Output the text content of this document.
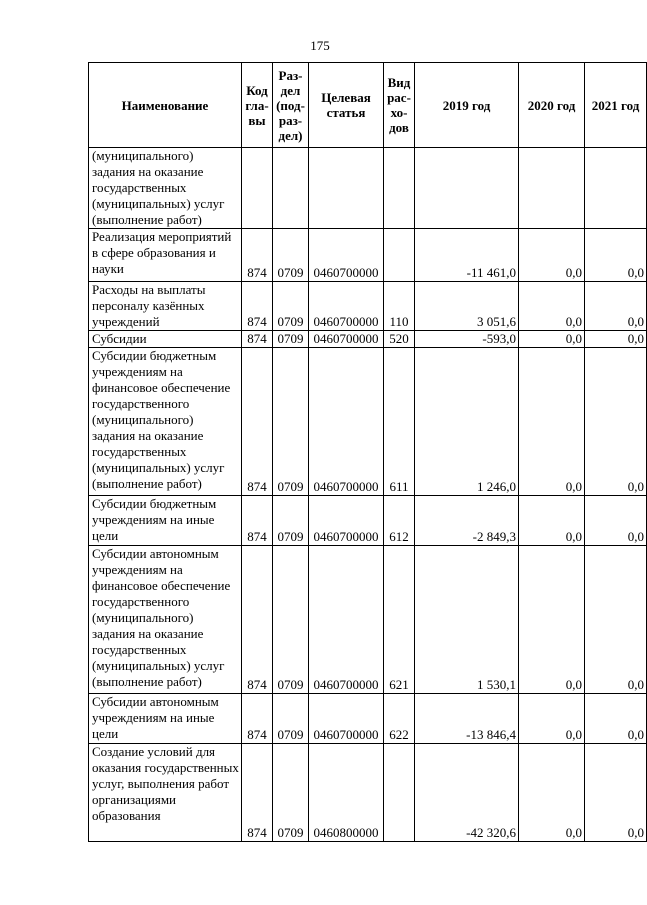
175
Наименование	Код гла-вы	Раз-дел (под-раз-дел)	Целевая статья	Вид рас-хо-дов	2019 год	2020 год	2021 год
(муниципального) задания на оказание государственных (муниципальных) услуг (выполнение работ)							
Реализация мероприятий в сфере образования и науки	874	0709	0460700000		-11 461,0	0,0	0,0
Расходы на выплаты персоналу казённых учреждений	874	0709	0460700000	110	3 051,6	0,0	0,0
Субсидии	874	0709	0460700000	520	-593,0	0,0	0,0
Субсидии бюджетным учреждениям на финансовое обеспечение государственного (муниципального) задания на оказание государственных (муниципальных) услуг (выполнение работ)	874	0709	0460700000	611	1 246,0	0,0	0,0
Субсидии бюджетным учреждениям на иные цели	874	0709	0460700000	612	-2 849,3	0,0	0,0
Субсидии автономным учреждениям на финансовое обеспечение государственного (муниципального) задания на оказание государственных (муниципальных) услуг (выполнение работ)	874	0709	0460700000	621	1 530,1	0,0	0,0
Субсидии автономным учреждениям на иные цели	874	0709	0460700000	622	-13 846,4	0,0	0,0
Создание условий для оказания государственных услуг, выполнения работ организациями образования	874	0709	0460800000		-42 320,6	0,0	0,0
